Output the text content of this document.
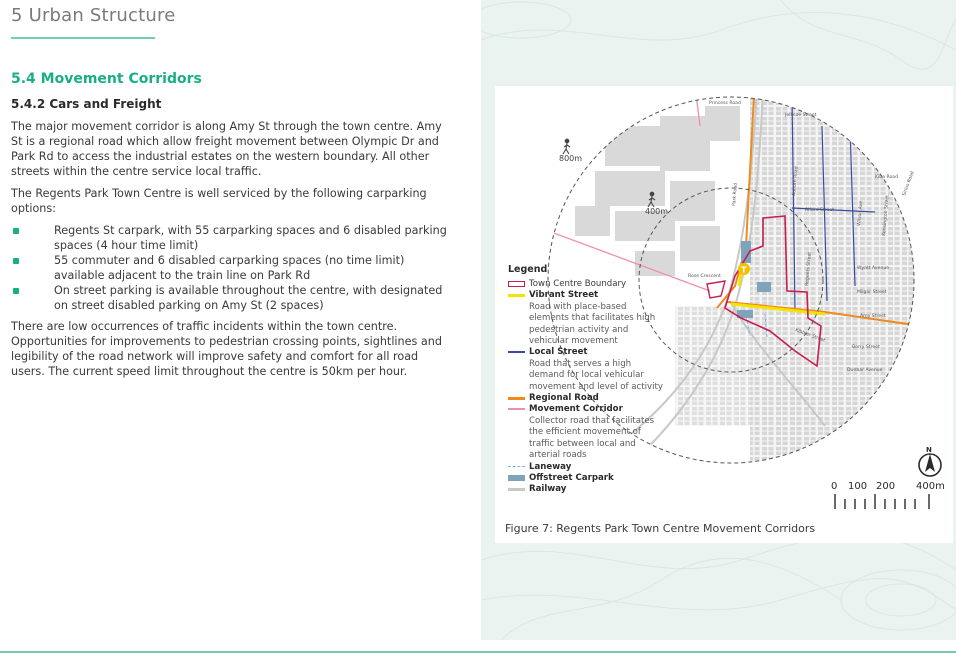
5 Urban Structure
5.4 Movement Corridors
5.4.2 Cars and Freight

The major movement corridor is along Amy St through the town centre. Amy St is a regional road which allow freight movement between Olympic Dr and Park Rd to access the industrial estates on the western boundary. All other streets within the centre service local traffic.

The Regents Park Town Centre is well serviced by the following carparking options:

Regents St carpark, with 55 carparking spaces and 6 disabled parking spaces (4 hour time limit)
55 commuter and 6 disabled carparking spaces (no time limit) available adjacent to the train line on Park Rd
On street parking is available throughout the centre, with designated on street disabled parking on Amy St (2 spaces)

There are low occurrences of traffic incidents within the town centre. Opportunities for improvements to pedestrian crossing points, sightlines and legibility of the road network will improve safety and comfort for all road users. The current speed limit throughout the centre is 50km per hour.

800m
400m
T
Princess Road
Jellicoe Street
Park Road
Rose Crescent
Amy Street
Kibbler Street
Berry Street
Dunbar Avenue
Wyatt Avenue
Milgar Street
Kiba Road
Wilson Ave	Kensington Street
Sirius Road
Alford Street
Regents Street
Auburn Road
Legend
Town Centre Boundary
Vibrant Street
Road with place-based elements that facilitates high pedestrian activity and vehicular movement
Local Street
Road that serves a high demand for local vehicular movement and level of activity
Regional Road
Movement Corridor
Collector road that facilitates the efficient movement of traffic between local and arterial roads
Laneway
Offstreet Carpark
Railway	0 100 200 400m
N
Figure 7: Regents Park Town Centre Movement Corridors
